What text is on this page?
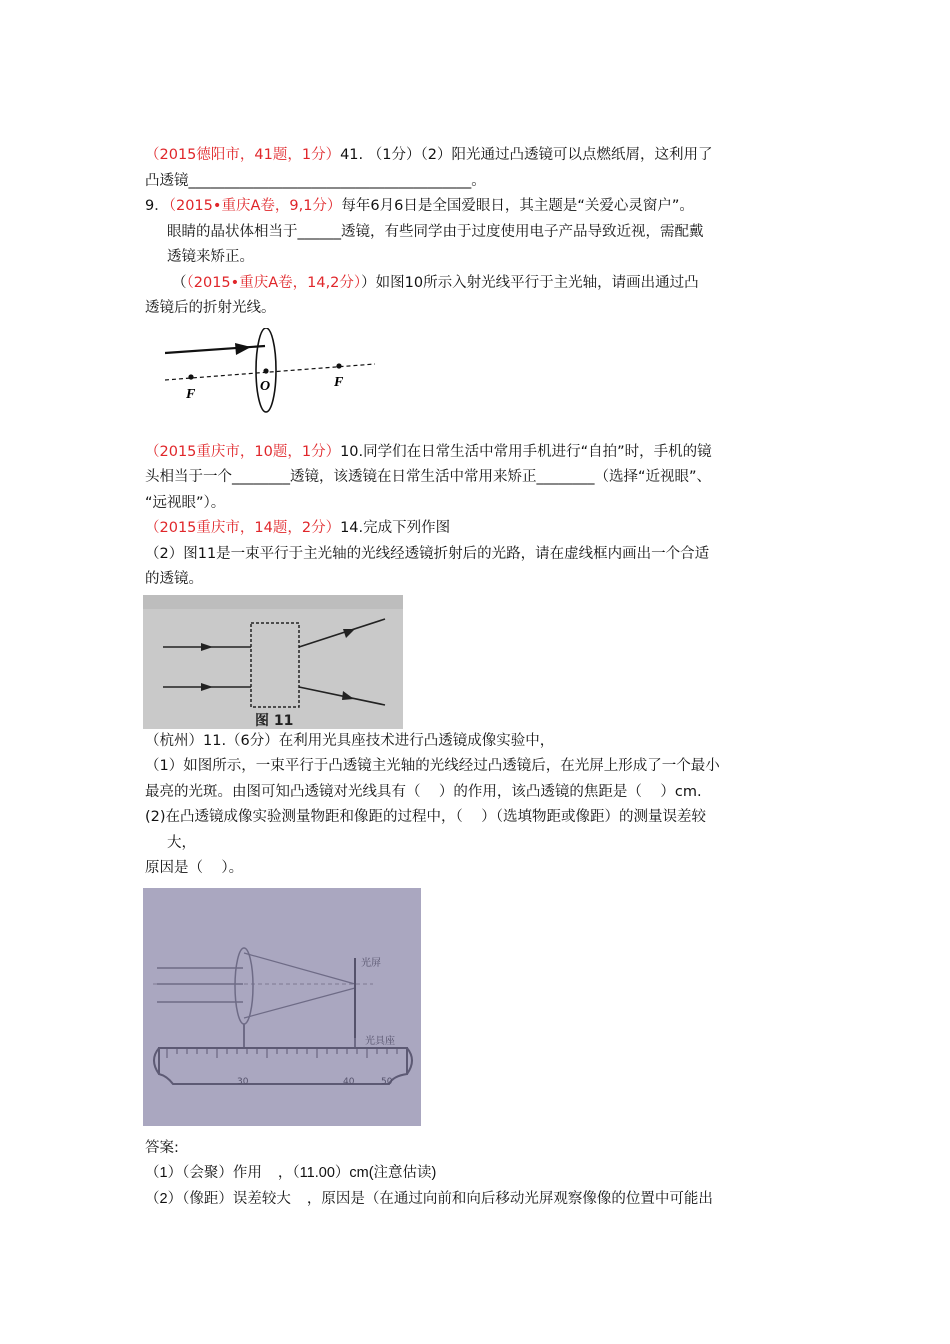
（2015德阳市，41题，1分）41. （1分）（2）阳光通过凸透镜可以点燃纸屑，这利用了

凸透镜_______________________________________。

9．（2015•重庆A卷，9,1分）每年6月6日是全国爱眼日，其主题是“关爱心灵窗户”。

眼睛的晶状体相当于______透镜，有些同学由于过度使用电子产品导致近视，需配戴

透镜来矫正。

（（2015•重庆A卷，14,2分））如图10所示入射光线平行于主光轴，请画出通过凸

透镜后的折射光线。

F
O	F

（2015重庆市，10题，1分）10.同学们在日常生活中常用手机进行“自拍”时，手机的镜

头相当于一个________透镜，该透镜在日常生活中常用来矫正________（选择“近视眼”、

“远视眼”）。

（2015重庆市，14题，2分）14.完成下列作图

（2）图11是一束平行于主光轴的光线经透镜折射后的光路，请在虚线框内画出一个合适

的透镜。

图 11

（杭州）11.（6分）在利用光具座技术进行凸透镜成像实验中，

（1）如图所示，一束平行于凸透镜主光轴的光线经过凸透镜后，在光屏上形成了一个最小

最亮的光斑。由图可知凸透镜对光线具有（    ）的作用，该凸透镜的焦距是（    ）cm.

(2)在凸透镜成像实验测量物距和像距的过程中，（    ）（选填物距或像距）的测量误差较

大，

原因是（    ）。

光屏
光具座
30	40	50

答案:

（1）（会聚）作用    ，（11.00）cm(注意估读)

（2）（像距）误差较大    ，原因是（在通过向前和向后移动光屏观察像像的位置中可能出
